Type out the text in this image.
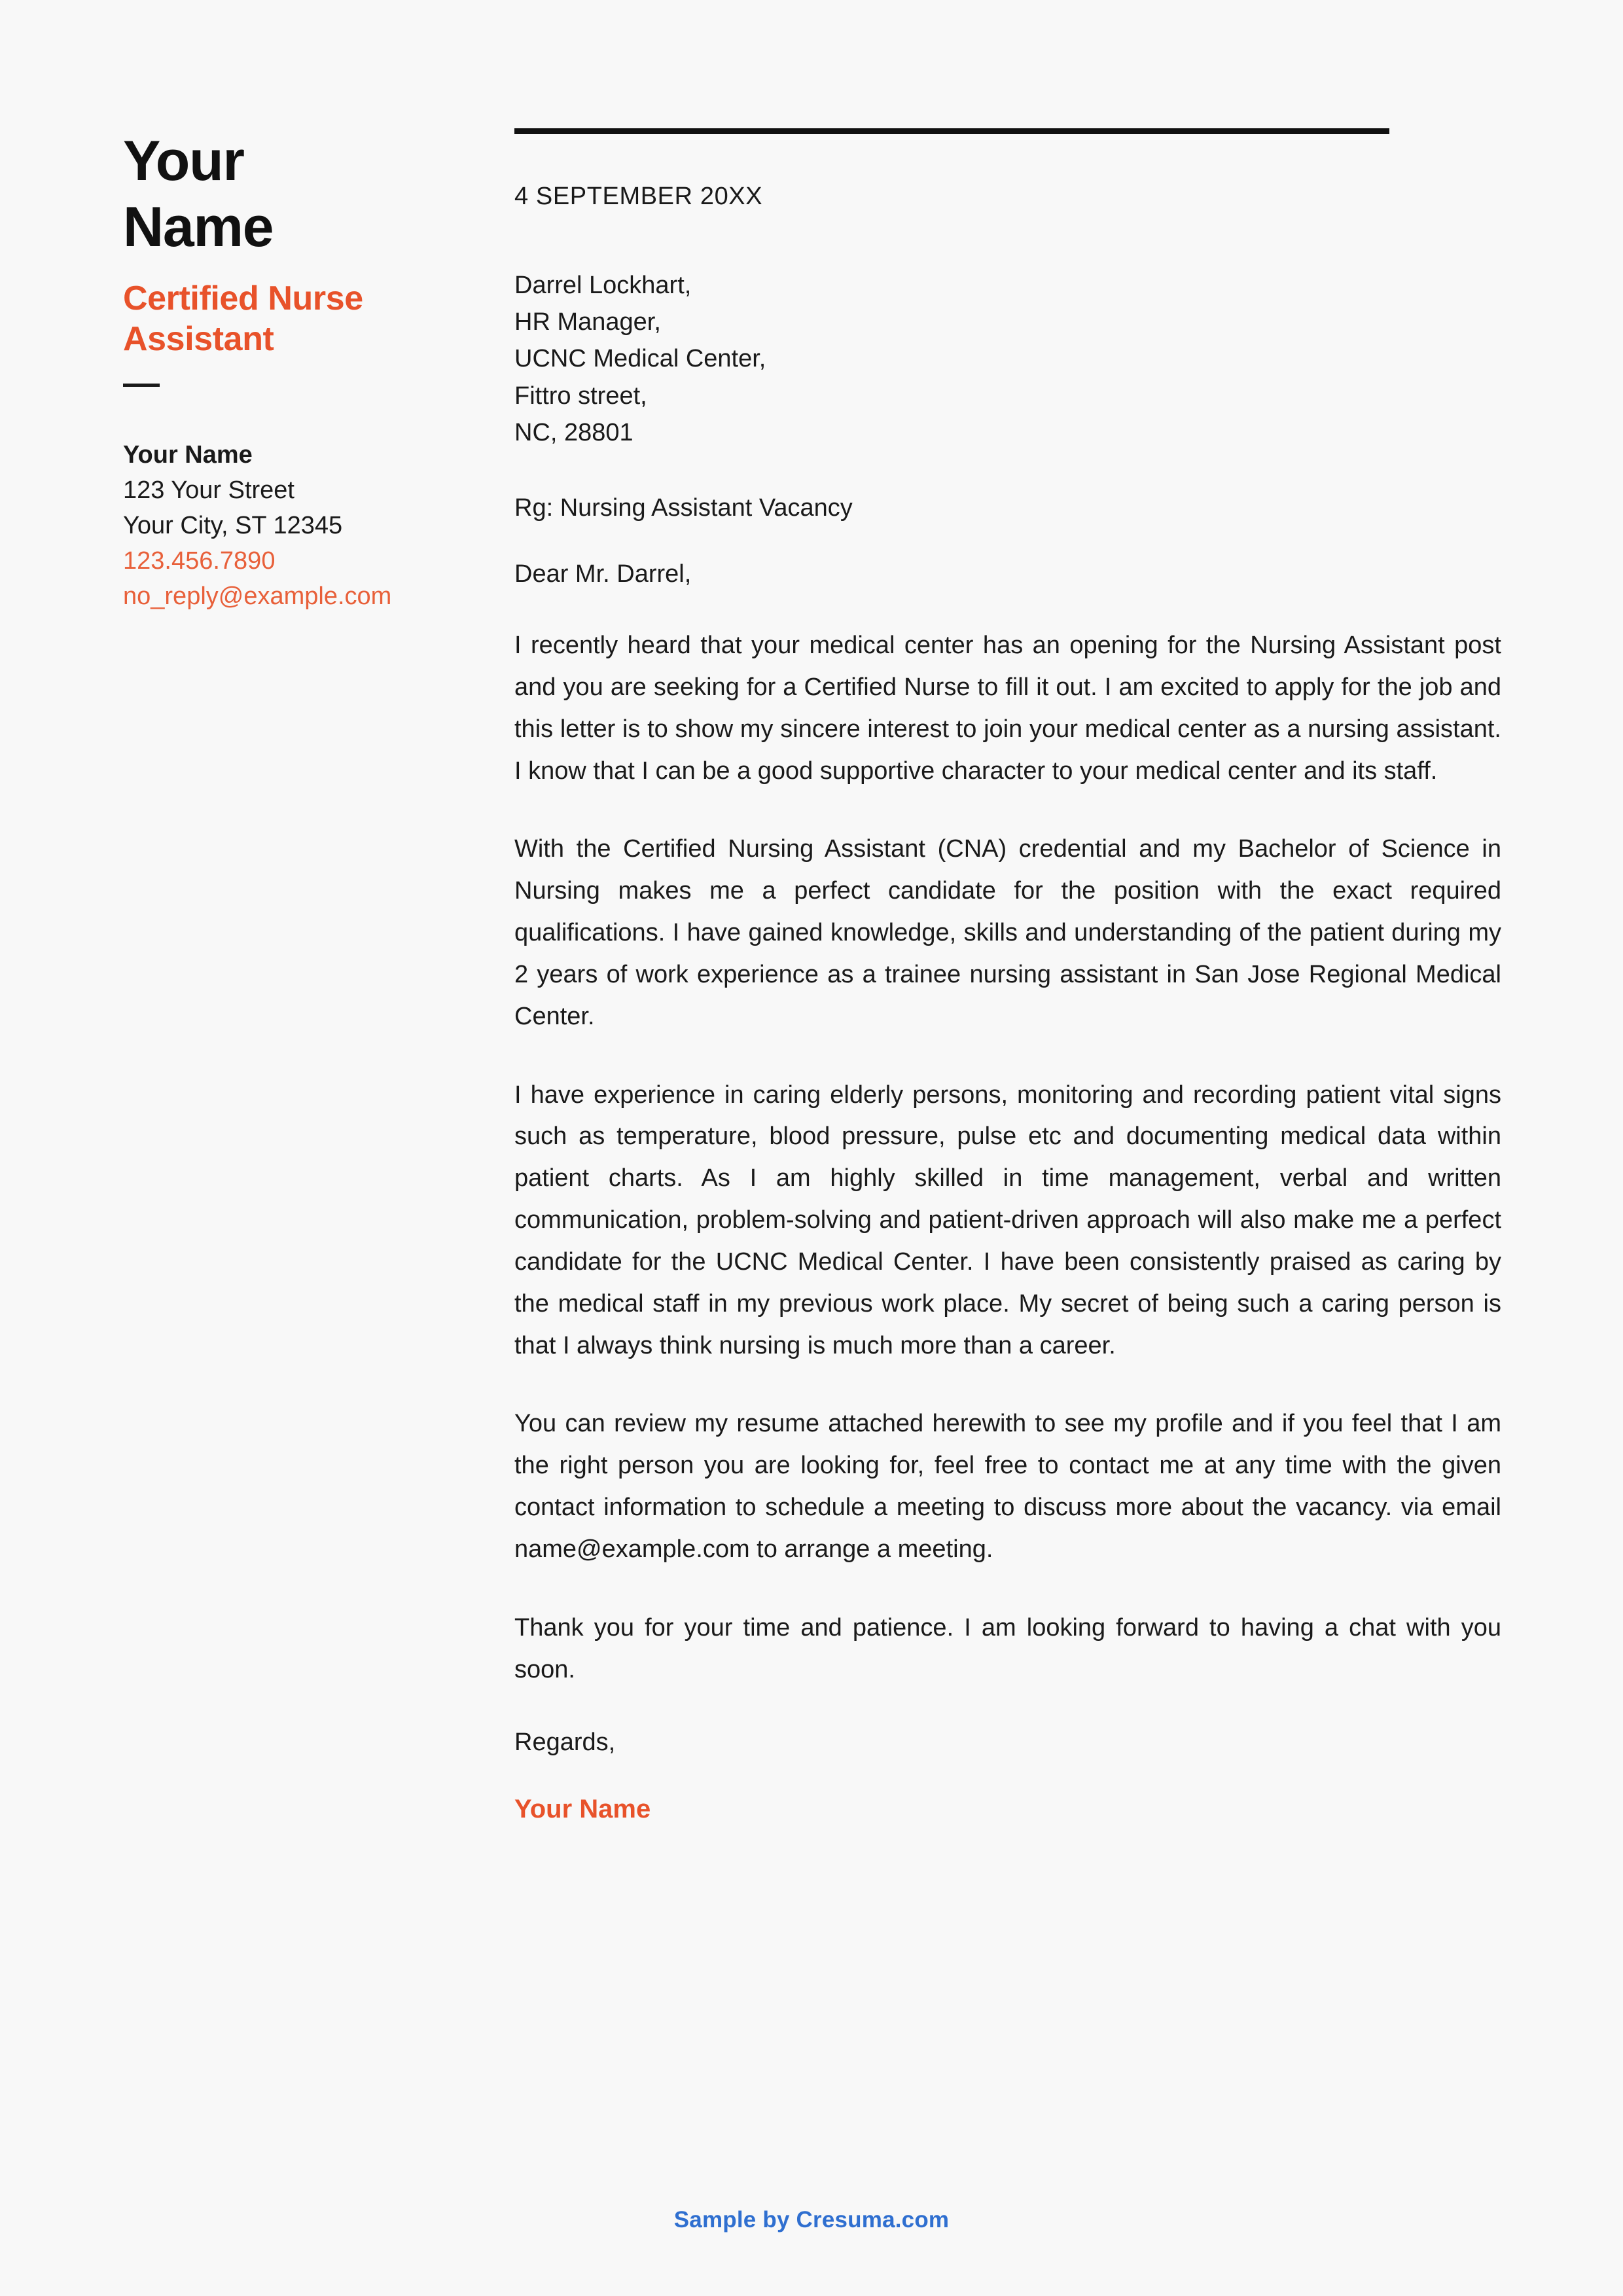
Your
Name
Certified Nurse
Assistant
Your Name
123 Your Street
Your City, ST 12345
123.456.7890
no_reply@example.com
4 SEPTEMBER 20XX
Darrel Lockhart,
HR Manager,
UCNC Medical Center,
Fittro street,
NC, 28801
Rg: Nursing Assistant Vacancy
Dear Mr. Darrel,

I recently heard that your medical center has an opening for the Nursing Assistant post and you are seeking for a Certified Nurse to fill it out. I am excited to apply for the job and this letter is to show my sincere interest to join your medical center as a nursing assistant. I know that I can be a good supportive character to your medical center and its staff.

With the Certified Nursing Assistant (CNA) credential and my Bachelor of Science in Nursing makes me a perfect candidate for the position with the exact required qualifications. I have gained knowledge, skills and understanding of the patient during my 2 years of work experience as a trainee nursing assistant in San Jose Regional Medical Center.

I have experience in caring elderly persons, monitoring and recording patient vital signs such as temperature, blood pressure, pulse etc and documenting medical data within patient charts. As I am highly skilled in time management, verbal and written communication, problem-solving and patient-driven approach will also make me a perfect candidate for the UCNC Medical Center. I have been consistently praised as caring by the medical staff in my previous work place. My secret of being such a caring person is that I always think nursing is much more than a career.

You can review my resume attached herewith to see my profile and if you feel that I am the right person you are looking for, feel free to contact me at any time with the given contact information to schedule a meeting to discuss more about the vacancy. via email name@example.com to arrange a meeting.

Thank you for your time and patience. I am looking forward to having a chat with you soon.

Regards,
Your Name
Sample by Cresuma.com
